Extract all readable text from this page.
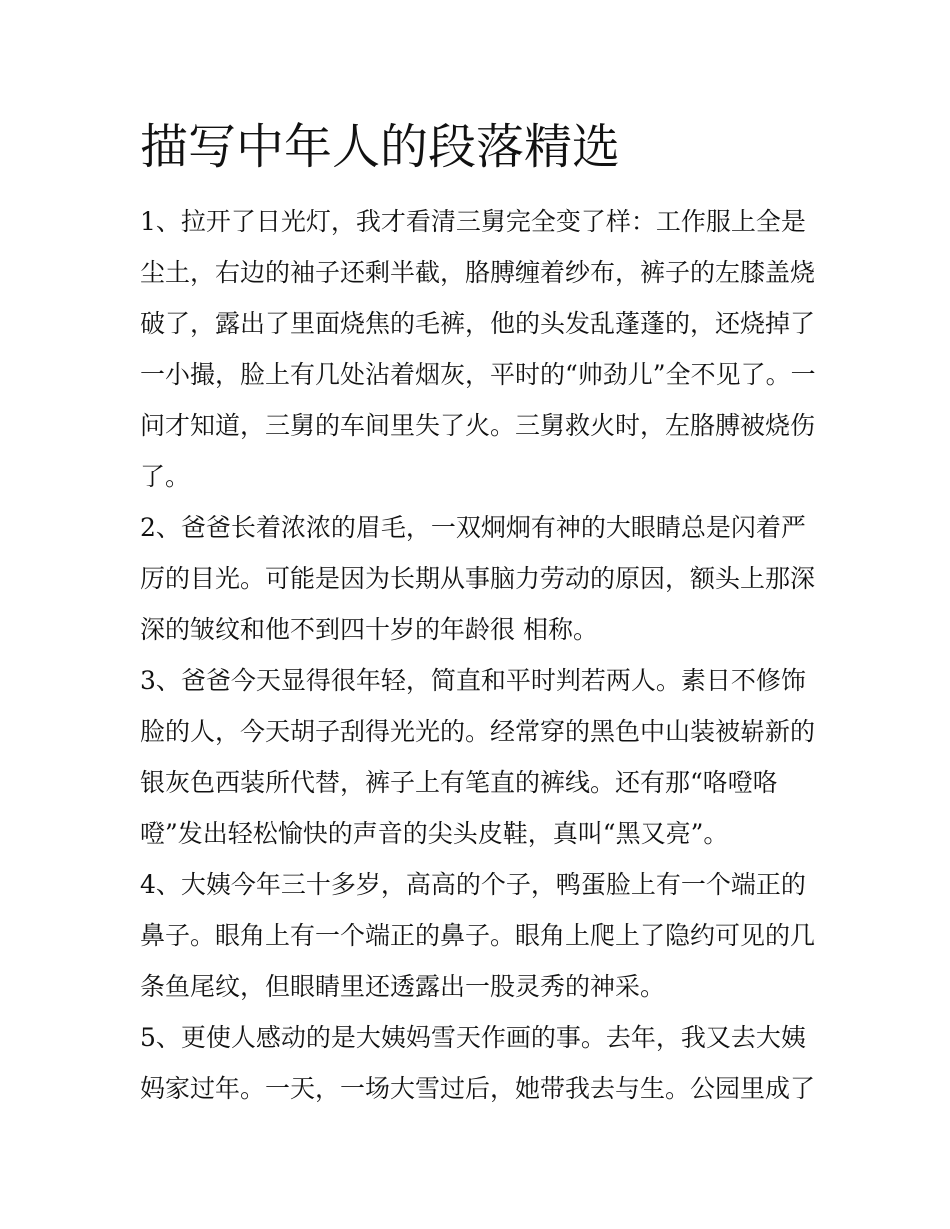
描写中年人的段落精选

1、拉开了日光灯，我才看清三舅完全变了样：工作服上全是
尘土，右边的袖子还剩半截，胳膊缠着纱布，裤子的左膝盖烧
破了，露出了里面烧焦的毛裤，他的头发乱蓬蓬的，还烧掉了
一小撮，脸上有几处沾着烟灰，平时的“帅劲儿”全不见了。一
问才知道，三舅的车间里失了火。三舅救火时，左胳膊被烧伤
了。

2、爸爸长着浓浓的眉毛，一双炯炯有神的大眼睛总是闪着严
厉的目光。可能是因为长期从事脑力劳动的原因，额头上那深
深的皱纹和他不到四十岁的年龄很 相称。

3、爸爸今天显得很年轻，简直和平时判若两人。素日不修饰
脸的人，今天胡子刮得光光的。经常穿的黑色中山装被崭新的
银灰色西装所代替，裤子上有笔直的裤线。还有那“咯噔咯
噔”发出轻松愉快的声音的尖头皮鞋，真叫“黑又亮”。

4、大姨今年三十多岁，高高的个子，鸭蛋脸上有一个端正的
鼻子。眼角上有一个端正的鼻子。眼角上爬上了隐约可见的几
条鱼尾纹，但眼睛里还透露出一股灵秀的神采。

5、更使人感动的是大姨妈雪天作画的事。去年，我又去大姨
妈家过年。一天，一场大雪过后，她带我去与生。公园里成了
